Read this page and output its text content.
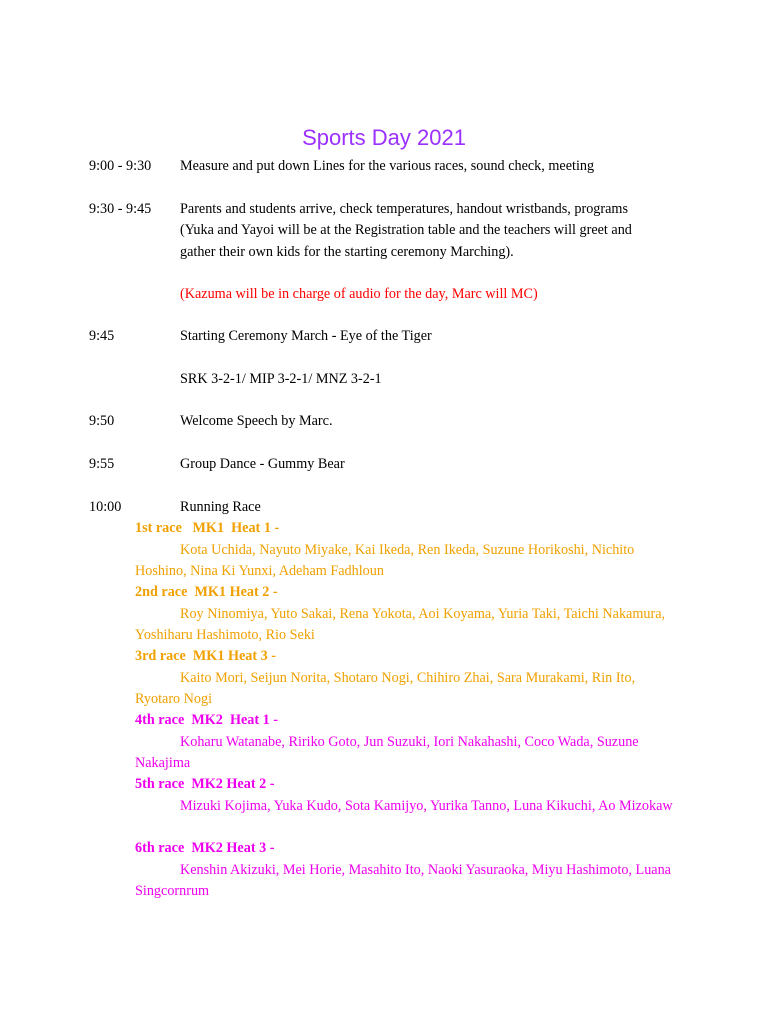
Sports Day 2021
9:00 - 9:30 Measure and put down Lines for the various races, sound check, meeting
9:30 - 9:45 Parents and students arrive, check temperatures, handout wristbands, programs
(Yuka and Yayoi will be at the Registration table and the teachers will greet and
gather their own kids for the starting ceremony Marching).
(Kazuma will be in charge of audio for the day, Marc will MC)
9:45	Starting Ceremony March - Eye of the Tiger
SRK 3-2-1/ MIP 3-2-1/ MNZ 3-2-1
9:50	Welcome Speech by Marc.
9:55	Group Dance - Gummy Bear
10:00	Running Race
1st race   MK1  Heat 1 -
Kota Uchida, Nayuto Miyake, Kai Ikeda, Ren Ikeda, Suzune Horikoshi, Nichito Hoshino, Nina Ki Yunxi, Adeham Fadhloun
2nd race  MK1 Heat 2 -
Roy Ninomiya, Yuto Sakai, Rena Yokota, Aoi Koyama, Yuria Taki, Taichi Nakamura, Yoshiharu Hashimoto, Rio Seki
3rd race  MK1 Heat 3 -
Kaito Mori, Seijun Norita, Shotaro Nogi, Chihiro Zhai, Sara Murakami, Rin Ito, Ryotaro Nogi
4th race  MK2  Heat 1 -
Koharu Watanabe, Ririko Goto, Jun Suzuki, Iori Nakahashi, Coco Wada, Suzune Nakajima
5th race  MK2 Heat 2 -
Mizuki Kojima, Yuka Kudo, Sota Kamijyo, Yurika Tanno, Luna Kikuchi, Ao Mizokaw
6th race  MK2 Heat 3 -
Kenshin Akizuki, Mei Horie, Masahito Ito, Naoki Yasuraoka, Miyu Hashimoto, Luana Singcornrum
